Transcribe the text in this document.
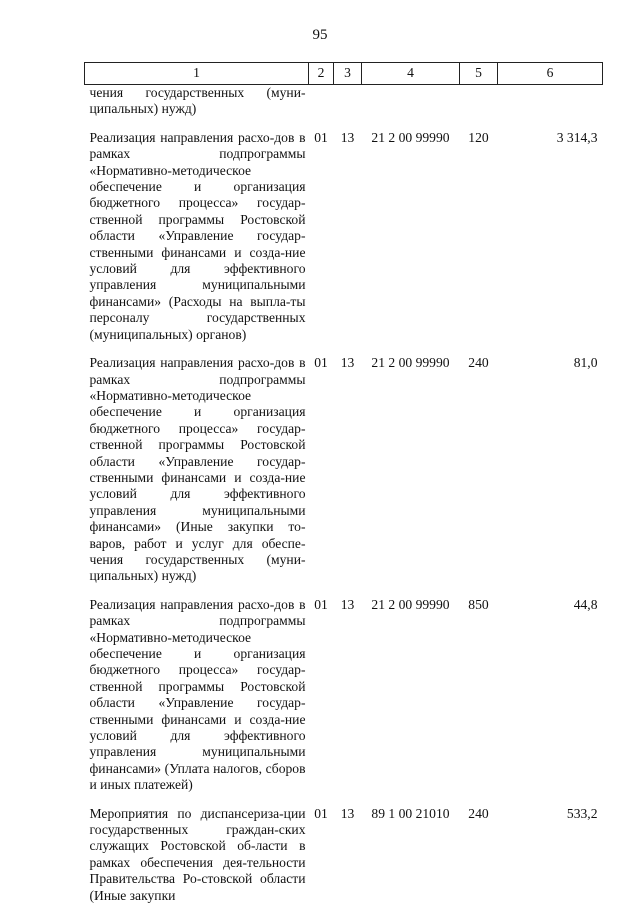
95
1	2	3	4	5	6
чения государственных (муни-ципальных) нужд)					
Реализация направления расхо-дов в рамках подпрограммы «Нормативно-методическое обеспечение и организация бюджетного процесса» государ-ственной программы Ростовской области «Управление государ-ственными финансами и созда-ние условий для эффективного управления муниципальными финансами» (Расходы на выпла-ты персоналу государственных (муниципальных) органов)	01	13	21 2 00 99990	120	3 314,3
Реализация направления расхо-дов в рамках подпрограммы «Нормативно-методическое обеспечение и организация бюджетного процесса» государ-ственной программы Ростовской области «Управление государ-ственными финансами и созда-ние условий для эффективного управления муниципальными финансами» (Иные закупки то-варов, работ и услуг для обеспе-чения государственных (муни-ципальных) нужд)	01	13	21 2 00 99990	240	81,0
Реализация направления расхо-дов в рамках подпрограммы «Нормативно-методическое обеспечение и организация бюджетного процесса» государ-ственной программы Ростовской области «Управление государ-ственными финансами и созда-ние условий для эффективного управления муниципальными финансами» (Уплата налогов, сборов и иных платежей)	01	13	21 2 00 99990	850	44,8
Мероприятия по диспансериза-ции государственных граждан-ских служащих Ростовской об-ласти в рамках обеспечения дея-тельности Правительства Ро-стовской области (Иные закупки	01	13	89 1 00 21010	240	533,2
